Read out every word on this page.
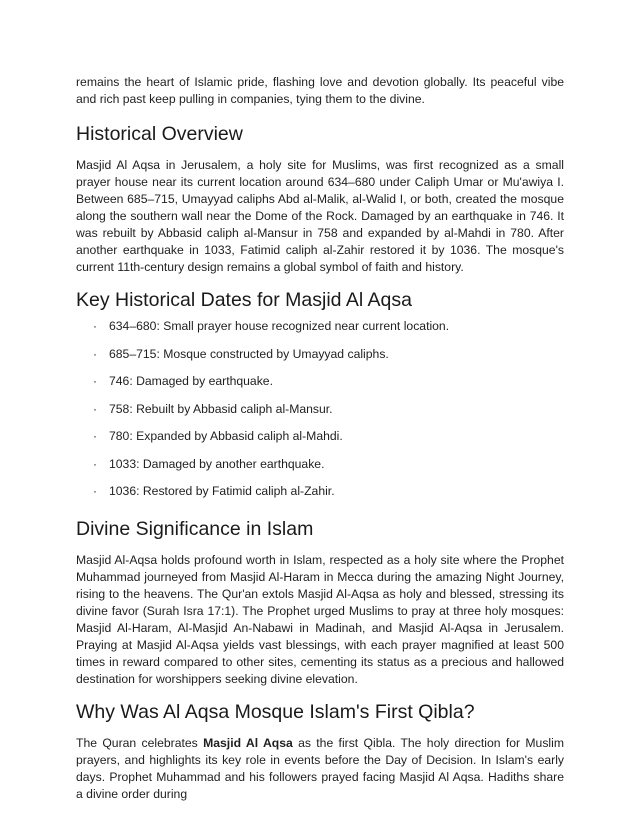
remains the heart of Islamic pride, flashing love and devotion globally. Its peaceful vibe and rich past keep pulling in companies, tying them to the divine.

Historical Overview

Masjid Al Aqsa in Jerusalem, a holy site for Muslims, was first recognized as a small prayer house near its current location around 634–680 under Caliph Umar or Mu'awiya I. Between 685–715, Umayyad caliphs Abd al-Malik, al-Walid I, or both, created the mosque along the southern wall near the Dome of the Rock. Damaged by an earthquake in 746. It was rebuilt by Abbasid caliph al-Mansur in 758 and expanded by al-Mahdi in 780. After another earthquake in 1033, Fatimid caliph al-Zahir restored it by 1036. The mosque's current 11th-century design remains a global symbol of faith and history.

Key Historical Dates for Masjid Al Aqsa
· 634–680: Small prayer house recognized near current location.
· 685–715: Mosque constructed by Umayyad caliphs.
· 746: Damaged by earthquake.
· 758: Rebuilt by Abbasid caliph al-Mansur.
· 780: Expanded by Abbasid caliph al-Mahdi.
· 1033: Damaged by another earthquake.
· 1036: Restored by Fatimid caliph al-Zahir.
Divine Significance in Islam

Masjid Al-Aqsa holds profound worth in Islam, respected as a holy site where the Prophet Muhammad journeyed from Masjid Al-Haram in Mecca during the amazing Night Journey, rising to the heavens. The Qur'an extols Masjid Al-Aqsa as holy and blessed, stressing its divine favor (Surah Isra 17:1). The Prophet urged Muslims to pray at three holy mosques: Masjid Al-Haram, Al-Masjid An-Nabawi in Madinah, and Masjid Al-Aqsa in Jerusalem. Praying at Masjid Al-Aqsa yields vast blessings, with each prayer magnified at least 500 times in reward compared to other sites, cementing its status as a precious and hallowed destination for worshippers seeking divine elevation.

Why Was Al Aqsa Mosque Islam's First Qibla?

The Quran celebrates Masjid Al Aqsa as the first Qibla. The holy direction for Muslim prayers, and highlights its key role in events before the Day of Decision. In Islam's early days. Prophet Muhammad and his followers prayed facing Masjid Al Aqsa. Hadiths share a divine order during
